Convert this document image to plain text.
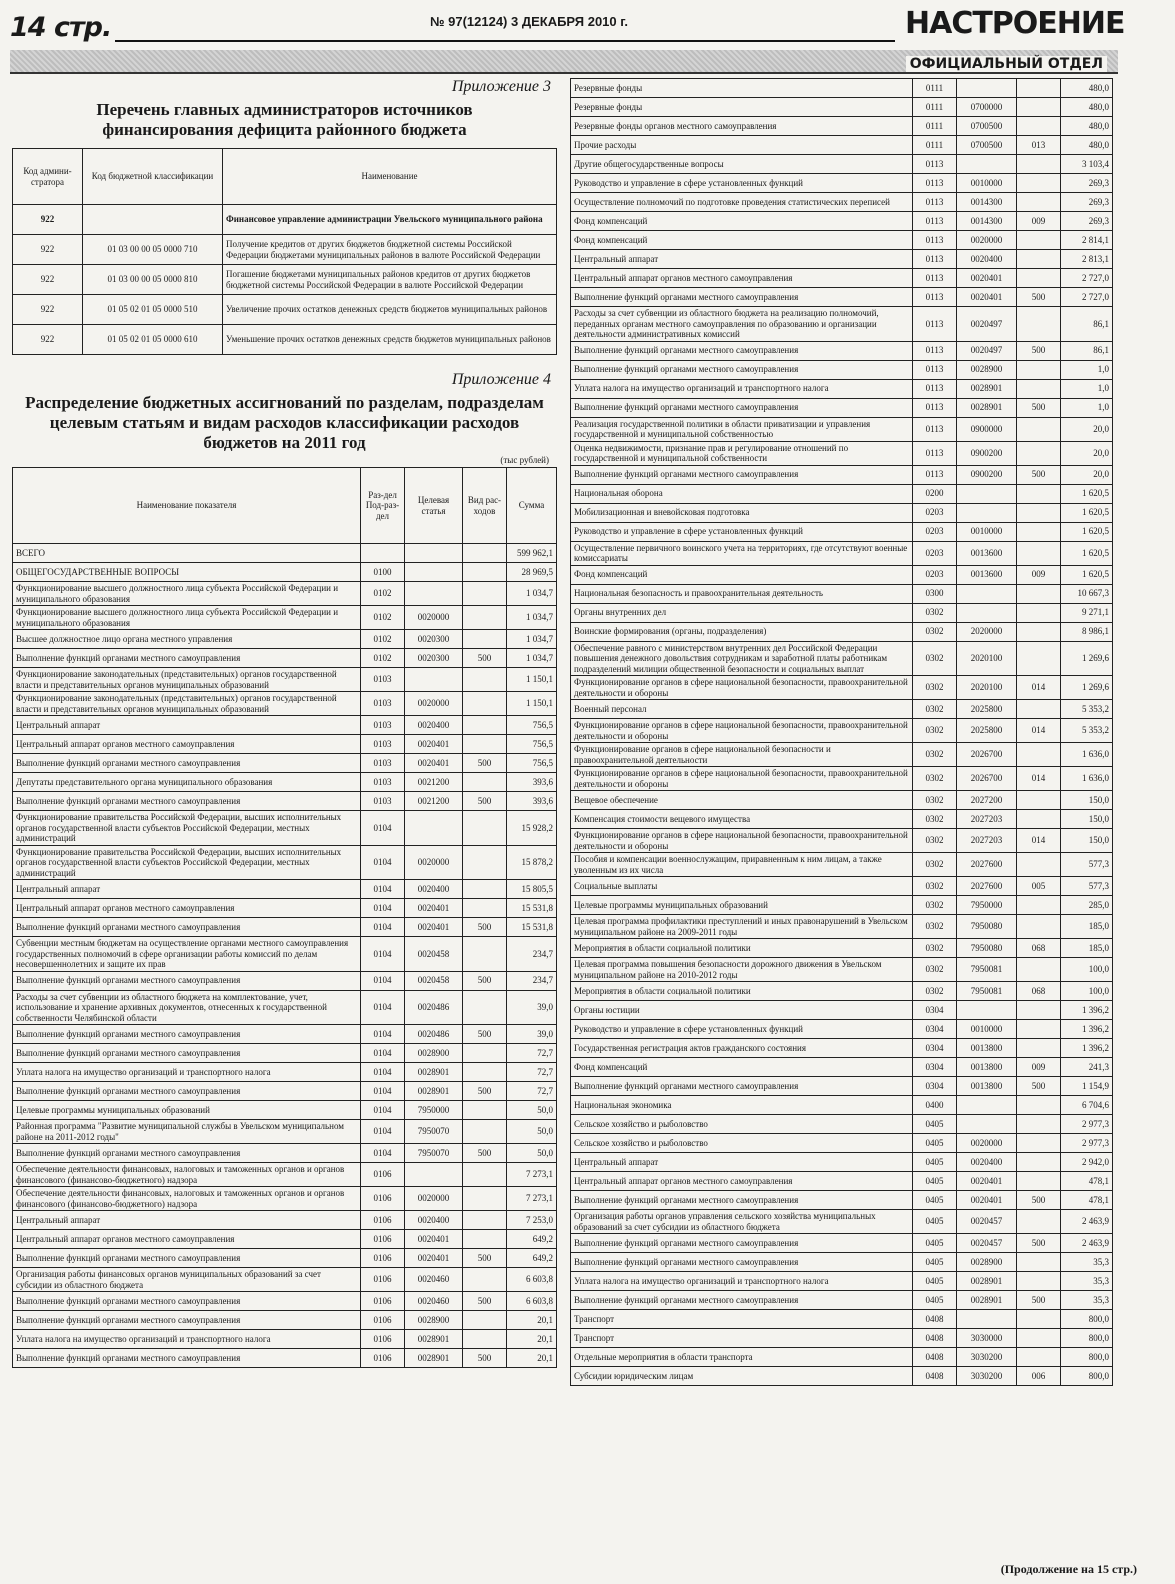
14 стр.	№ 97(12124) 3 ДЕКАБРЯ 2010 г.	НАСТРОЕНИЕ
ОФИЦИАЛЬНЫЙ ОТДЕЛ
Приложение 3
Перечень главных администраторов источников
финансирования дефицита районного бюджета
Код админи-стратора	Код бюджетной классификации	Наименование
922		Финансовое управление администрации Увельского муниципального района
922	01 03 00 00 05 0000 710	Получение кредитов от других бюджетов бюджетной системы Российской Федерации бюджетами муниципальных районов в валюте Российской Федерации
922	01 03 00 00 05 0000 810	Погашение бюджетами муниципальных районов кредитов от других бюджетов бюджетной системы Российской Федерации в валюте Российской Федерации
922	01 05 02 01 05 0000 510	Увеличение прочих остатков денежных средств бюджетов муниципальных районов
922	01 05 02 01 05 0000 610	Уменьшение прочих остатков денежных средств бюджетов муниципальных районов
Приложение 4
Распределение бюджетных ассигнований по разделам, подразделам
целевым статьям и видам расходов классификации расходов
бюджетов на 2011 год
(тыс рублей)
Наименование показателя	Раз-дел Под-раз-дел	Целевая статья	Вид рас-ходов	Сумма
ВСЕГО				599 962,1
ОБЩЕГОСУДАРСТВЕННЫЕ ВОПРОСЫ	0100			28 969,5
Функционирование высшего должностного лица субъекта Российской Федерации и муниципального образования	0102			1 034,7
Функционирование высшего должностного лица субъекта Российской Федерации и муниципального образования	0102	0020000		1 034,7
Высшее должностное лицо органа местного управления	0102	0020300		1 034,7
Выполнение функций органами местного самоуправления	0102	0020300	500	1 034,7
Функционирование законодательных (представительных) органов государственной власти и представительных органов муниципальных образований	0103			1 150,1
Функционирование законодательных (представительных) органов государственной власти и представительных органов муниципальных образований	0103	0020000		1 150,1
Центральный аппарат	0103	0020400		756,5
Центральный аппарат органов местного самоуправления	0103	0020401		756,5
Выполнение функций органами местного самоуправления	0103	0020401	500	756,5
Депутаты представительного органа муниципального образования	0103	0021200		393,6
Выполнение функций органами местного самоуправления	0103	0021200	500	393,6
Функционирование правительства Российской Федерации, высших исполнительных органов государственной власти субъектов Российской Федерации, местных администраций	0104			15 928,2
Функционирование правительства Российской Федерации, высших исполнительных органов государственной власти субъектов Российской Федерации, местных администраций	0104	0020000		15 878,2
Центральный аппарат	0104	0020400		15 805,5
Центральный аппарат органов местного самоуправления	0104	0020401		15 531,8
Выполнение функций органами местного самоуправления	0104	0020401	500	15 531,8
Субвенции местным бюджетам на осуществление органами местного самоуправления государственных полномочий в сфере организации работы комиссий по делам несовершеннолетних и защите их прав	0104	0020458		234,7
Выполнение функций органами местного самоуправления	0104	0020458	500	234,7
Расходы за счет субвенции из областного бюджета на комплектование, учет, использование и хранение архивных документов, отнесенных к государственной собственности Челябинской области	0104	0020486		39,0
Выполнение функций органами местного самоуправления	0104	0020486	500	39,0
Выполнение функций органами местного самоуправления	0104	0028900		72,7
Уплата налога на имущество организаций и транспортного налога	0104	0028901		72,7
Выполнение функций органами местного самоуправления	0104	0028901	500	72,7
Целевые программы муниципальных образований	0104	7950000		50,0
Районная программа "Развитие муниципальной службы в Увельском муниципальном районе на 2011-2012 годы"	0104	7950070		50,0
Выполнение функций органами местного самоуправления	0104	7950070	500	50,0
Обеспечение деятельности финансовых, налоговых и таможенных органов и органов финансового (финансово-бюджетного) надзора	0106			7 273,1
Обеспечение деятельности финансовых, налоговых и таможенных органов и органов финансового (финансово-бюджетного) надзора	0106	0020000		7 273,1
Центральный аппарат	0106	0020400		7 253,0
Центральный аппарат органов местного самоуправления	0106	0020401		649,2
Выполнение функций органами местного самоуправления	0106	0020401	500	649,2
Организация работы финансовых органов муниципальных образований за счет субсидии из областного бюджета	0106	0020460		6 603,8
Выполнение функций органами местного самоуправления	0106	0020460	500	6 603,8
Выполнение функций органами местного самоуправления	0106	0028900		20,1
Уплата налога на имущество организаций и транспортного налога	0106	0028901		20,1
Выполнение функций органами местного самоуправления	0106	0028901	500	20,1
Резервные фонды	0111			480,0
Резервные фонды	0111	0700000		480,0
Резервные фонды органов местного самоуправления	0111	0700500		480,0
Прочие расходы	0111	0700500	013	480,0
Другие общегосударственные вопросы	0113			3 103,4
Руководство и управление в сфере установленных функций	0113	0010000		269,3
Осуществление полномочий по подготовке проведения статистических переписей	0113	0014300		269,3
Фонд компенсаций	0113	0014300	009	269,3
Фонд компенсаций	0113	0020000		2 814,1
Центральный аппарат	0113	0020400		2 813,1
Центральный аппарат органов местного самоуправления	0113	0020401		2 727,0
Выполнение функций органами местного самоуправления	0113	0020401	500	2 727,0
Расходы за счет субвенции из областного бюджета на реализацию полномочий, переданных органам местного самоуправления по образованию и организации деятельности административных комиссий	0113	0020497		86,1
Выполнение функций органами местного самоуправления	0113	0020497	500	86,1
Выполнение функций органами местного самоуправления	0113	0028900		1,0
Уплата налога на имущество организаций и транспортного налога	0113	0028901		1,0
Выполнение функций органами местного самоуправления	0113	0028901	500	1,0
Реализация государственной политики в области приватизации и управления государственной и муниципальной собственностью	0113	0900000		20,0
Оценка недвижимости, признание прав и регулирование отношений по государственной и муниципальной собственности	0113	0900200		20,0
Выполнение функций органами местного самоуправления	0113	0900200	500	20,0
Национальная оборона	0200			1 620,5
Мобилизационная и вневойсковая подготовка	0203			1 620,5
Руководство и управление в сфере установленных функций	0203	0010000		1 620,5
Осуществление первичного воинского учета на территориях, где отсутствуют военные комиссариаты	0203	0013600		1 620,5
Фонд компенсаций	0203	0013600	009	1 620,5
Национальная безопасность и правоохранительная деятельность	0300			10 667,3
Органы внутренних дел	0302			9 271,1
Воинские формирования (органы, подразделения)	0302	2020000		8 986,1
Обеспечение равного с министерством внутренних дел Российской Федерации повышения денежного довольствия сотрудникам и заработной платы работникам подразделений милиции общественной безопасности и социальных выплат	0302	2020100		1 269,6
Функционирование органов в сфере национальной безопасности, правоохранительной деятельности и обороны	0302	2020100	014	1 269,6
Военный персонал	0302	2025800		5 353,2
Функционирование органов в сфере национальной безопасности, правоохранительной деятельности и обороны	0302	2025800	014	5 353,2
Функционирование органов в сфере национальной безопасности и правоохранительной деятельности	0302	2026700		1 636,0
Функционирование органов в сфере национальной безопасности, правоохранительной деятельности и обороны	0302	2026700	014	1 636,0
Вещевое обеспечение	0302	2027200		150,0
Компенсация стоимости вещевого имущества	0302	2027203		150,0
Функционирование органов в сфере национальной безопасности, правоохранительной деятельности и обороны	0302	2027203	014	150,0
Пособия и компенсации военнослужащим, приравненным к ним лицам, а также уволенным из их числа	0302	2027600		577,3
Социальные выплаты	0302	2027600	005	577,3
Целевые программы муниципальных образований	0302	7950000		285,0
Целевая программа профилактики преступлений и иных правонарушений в Увельском муниципальном районе на 2009-2011 годы	0302	7950080		185,0
Мероприятия в области социальной политики	0302	7950080	068	185,0
Целевая программа повышения безопасности дорожного движения в Увельском муниципальном районе на 2010-2012 годы	0302	7950081		100,0
Мероприятия в области социальной политики	0302	7950081	068	100,0
Органы юстиции	0304			1 396,2
Руководство и управление в сфере установленных функций	0304	0010000		1 396,2
Государственная регистрация актов гражданского состояния	0304	0013800		1 396,2
Фонд компенсаций	0304	0013800	009	241,3
Выполнение функций органами местного самоуправления	0304	0013800	500	1 154,9
Национальная экономика	0400			6 704,6
Сельское хозяйство и рыболовство	0405			2 977,3
Сельское хозяйство и рыболовство	0405	0020000		2 977,3
Центральный аппарат	0405	0020400		2 942,0
Центральный аппарат органов местного самоуправления	0405	0020401		478,1
Выполнение функций органами местного самоуправления	0405	0020401	500	478,1
Организация работы органов управления сельского хозяйства муниципальных образований за счет субсидии из областного бюджета	0405	0020457		2 463,9
Выполнение функций органами местного самоуправления	0405	0020457	500	2 463,9
Выполнение функций органами местного самоуправления	0405	0028900		35,3
Уплата налога на имущество организаций и транспортного налога	0405	0028901		35,3
Выполнение функций органами местного самоуправления	0405	0028901	500	35,3
Транспорт	0408			800,0
Транспорт	0408	3030000		800,0
Отдельные мероприятия в области транспорта	0408	3030200		800,0
Субсидии юридическим лицам	0408	3030200	006	800,0
(Продолжение на 15 стр.)
